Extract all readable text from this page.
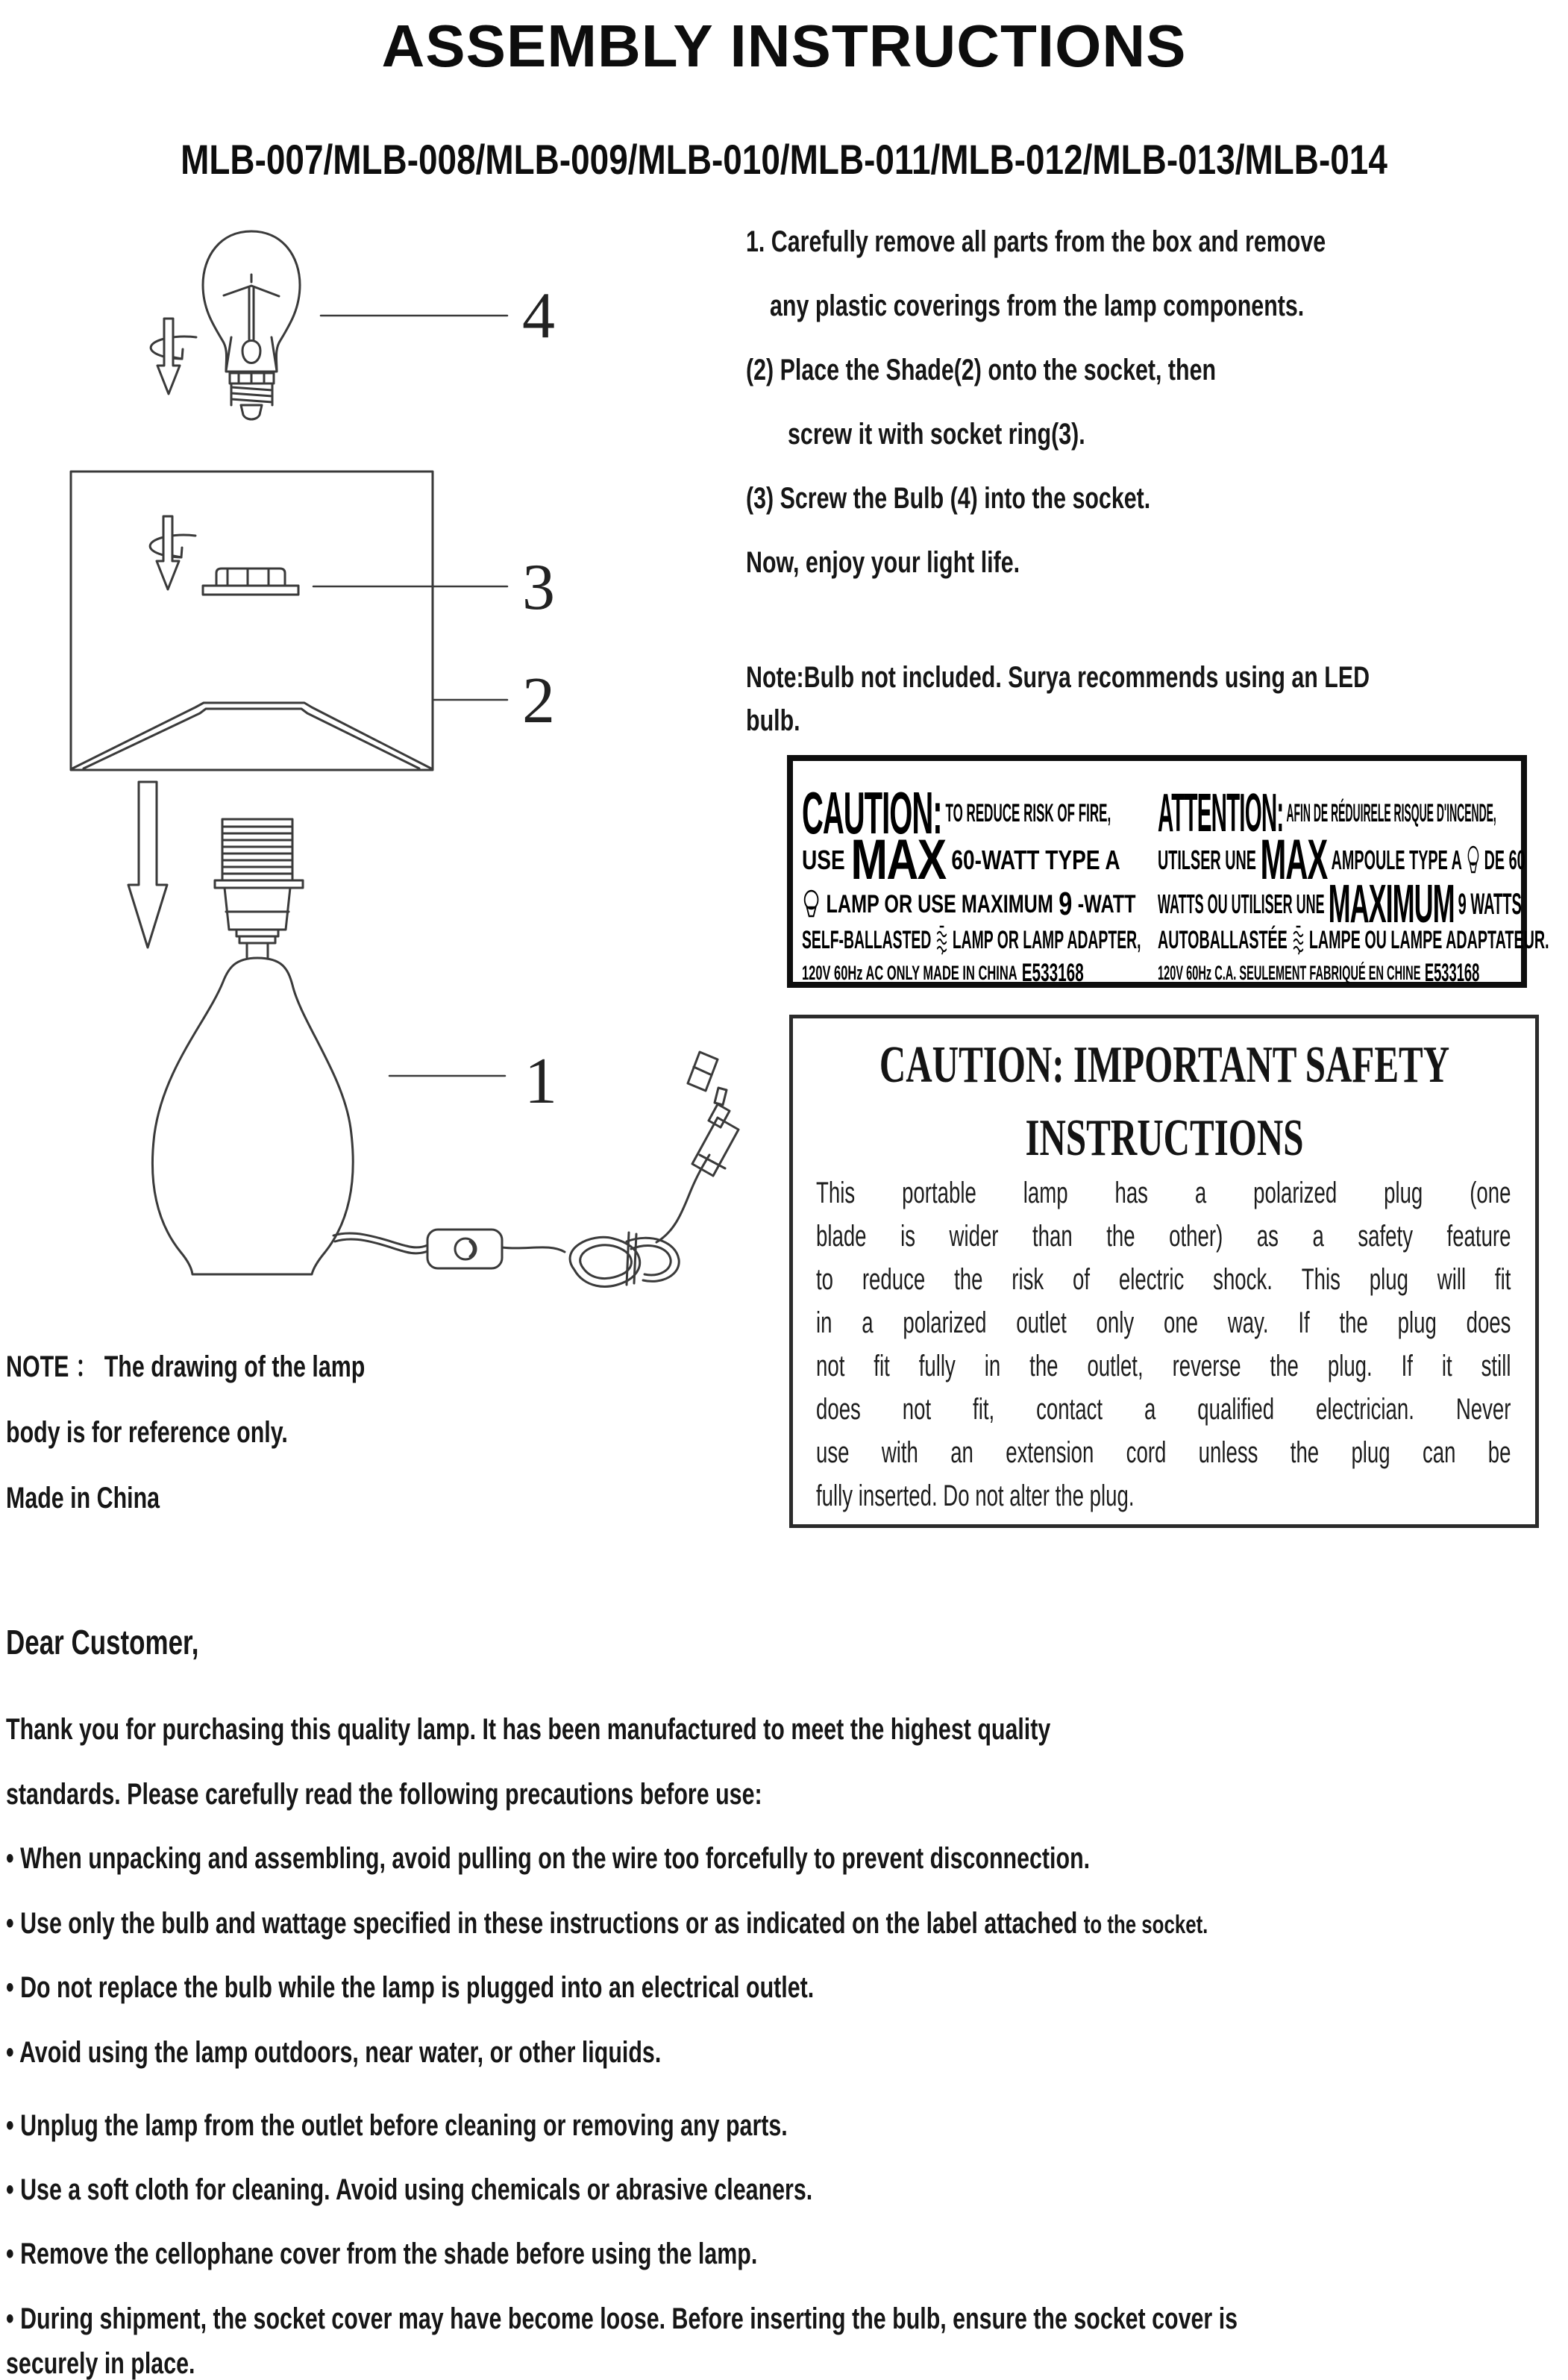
ASSEMBLY INSTRUCTIONS
MLB-007/MLB-008/MLB-009/MLB-010/MLB-011/MLB-012/MLB-013/MLB-014
4
3
2
1
1. Carefully remove all parts from the box and remove
any plastic coverings from the lamp components.
(2) Place the Shade(2) onto the socket, then
screw it with socket ring(3).
(3) Screw the Bulb (4) into the socket.
Now, enjoy your light life.
Note:Bulb not included. Surya recommends using an LED
bulb.
CAUTION: TO REDUCE RISK OF FIRE,
USE MAX 60-WATT TYPE A
LAMP OR USE MAXIMUM 9 -WATT
SELF-BALLASTED LAMP OR LAMP ADAPTER,
120V 60Hz AC ONLY MADE IN CHINA E533168
ATTENTION: AFIN DE RÉDUIRELE RISQUE D'INCENDE,
UTILSER UNE MAX AMPOULE TYPE A DE 60
WATTS OU UTILISER UNE MAXIMUM 9 WATTS
AUTOBALLASTÉE LAMPE OU LAMPE ADAPTATEUR.
120V 60Hz C.A. SEULEMENT FABRIQUÉ EN CHINE E533168
CAUTION: IMPORTANT SAFETY
INSTRUCTIONS
This portable lamp has a polarized plug (one
blade is wider than the other) as a safety feature
to reduce the risk of electric shock. This plug will fit
in a polarized outlet only one way. If the plug does
not fit fully in the outlet, reverse the plug. If it still
does not fit, contact a qualified electrician. Never
use with an extension cord unless the plug can be
fully inserted. Do not alter the plug.
NOTE ： The drawing of the lamp
body is for reference only.
Made in China
Dear Customer,
Thank you for purchasing this quality lamp. It has been manufactured to meet the highest quality
standards. Please carefully read the following precautions before use:
• When unpacking and assembling, avoid pulling on the wire too forcefully to prevent disconnection.
• Use only the bulb and wattage specified in these instructions or as indicated on the label attached to the socket.
• Do not replace the bulb while the lamp is plugged into an electrical outlet.
• Avoid using the lamp outdoors, near water, or other liquids.
• Unplug the lamp from the outlet before cleaning or removing any parts.
• Use a soft cloth for cleaning. Avoid using chemicals or abrasive cleaners.
• Remove the cellophane cover from the shade before using the lamp.
• During shipment, the socket cover may have become loose. Before inserting the bulb, ensure the socket cover is
securely in place.
